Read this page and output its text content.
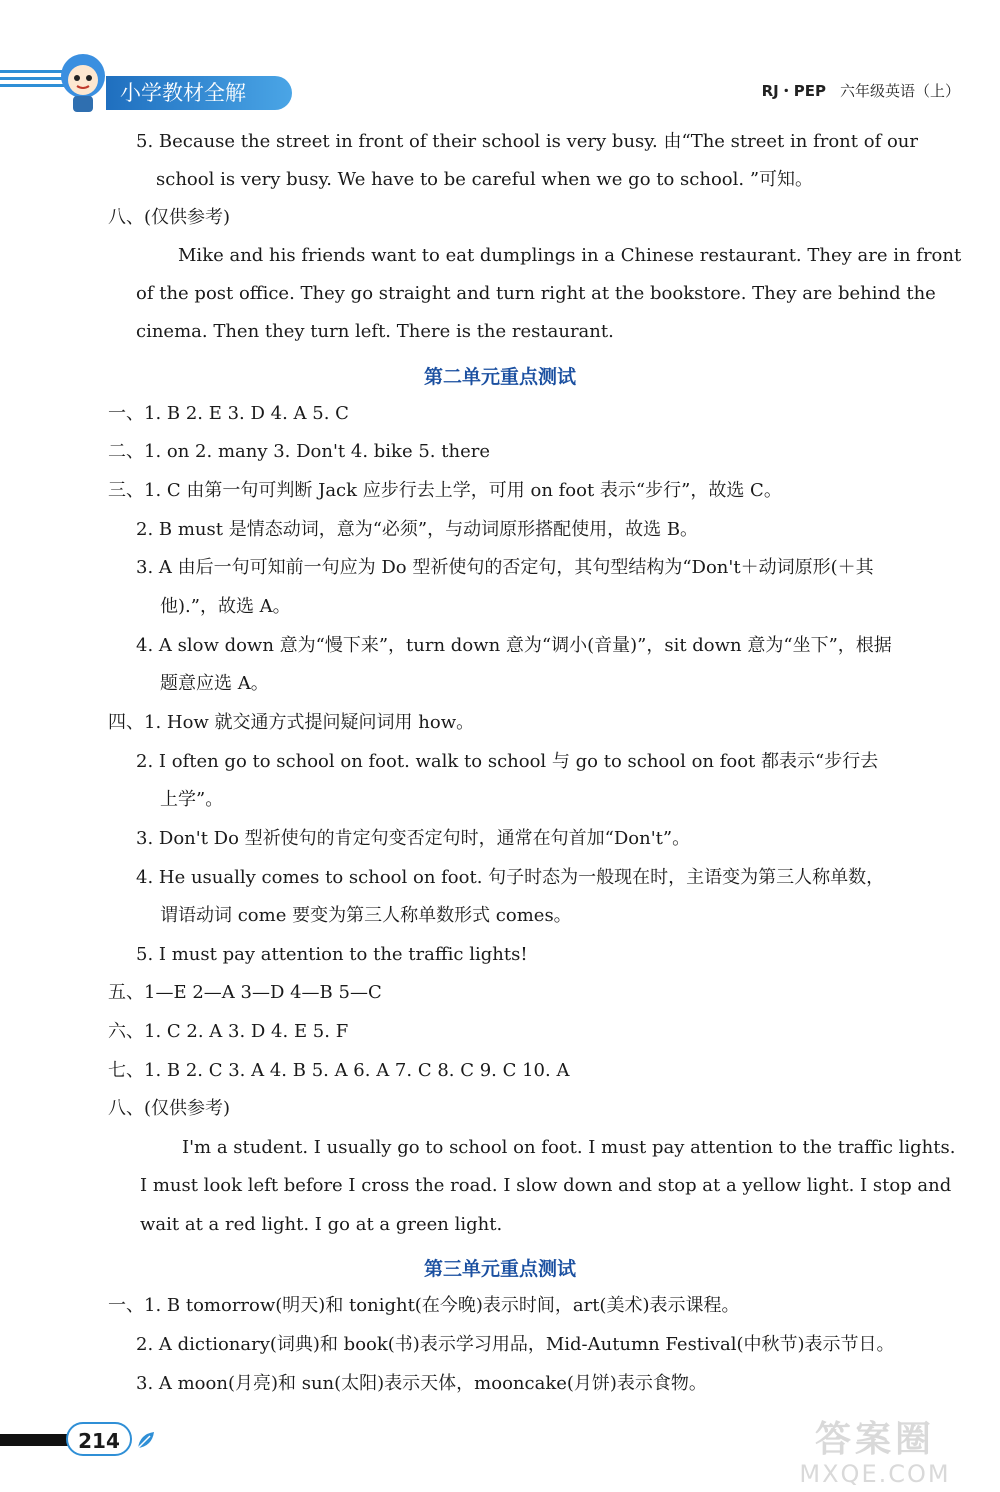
小学教材全解	RJ・PEP 六年级英语（上）
5. Because the street in front of their school is very busy. 由“The street in front of our
school is very busy. We have to be careful when we go to school. ”可知。
八、(仅供参考)
Mike and his friends want to eat dumplings in a Chinese restaurant. They are in front
of the post office. They go straight and turn right at the bookstore. They are behind the
cinema. Then they turn left. There is the restaurant.
第二单元重点测试
一、1. B 2. E 3. D 4. A 5. C
二、1. on 2. many 3. Don't 4. bike 5. there
三、1. C 由第一句可判断 Jack 应步行去上学，可用 on foot 表示“步行”，故选 C。
2. B must 是情态动词，意为“必须”，与动词原形搭配使用，故选 B。
3. A 由后一句可知前一句应为 Do 型祈使句的否定句，其句型结构为“Don't＋动词原形(＋其
他).”，故选 A。
4. A slow down 意为“慢下来”，turn down 意为“调小(音量)”，sit down 意为“坐下”，根据
题意应选 A。
四、1. How 就交通方式提问疑问词用 how。
2. I often go to school on foot. walk to school 与 go to school on foot 都表示“步行去
上学”。
3. Don't Do 型祈使句的肯定句变否定句时，通常在句首加“Don't”。
4. He usually comes to school on foot. 句子时态为一般现在时，主语变为第三人称单数，
谓语动词 come 要变为第三人称单数形式 comes。
5. I must pay attention to the traffic lights!
五、1—E 2—A 3—D 4—B 5—C
六、1. C 2. A 3. D 4. E 5. F
七、1. B 2. C 3. A 4. B 5. A 6. A 7. C 8. C 9. C 10. A
八、(仅供参考)
I'm a student. I usually go to school on foot. I must pay attention to the traffic lights.
I must look left before I cross the road. I slow down and stop at a yellow light. I stop and
wait at a red light. I go at a green light.
第三单元重点测试
一、1. B tomorrow(明天)和 tonight(在今晚)表示时间，art(美术)表示课程。
2. A dictionary(词典)和 book(书)表示学习用品，Mid-Autumn Festival(中秋节)表示节日。
3. A moon(月亮)和 sun(太阳)表示天体，mooncake(月饼)表示食物。
214	答案圈
MXQE.COM
